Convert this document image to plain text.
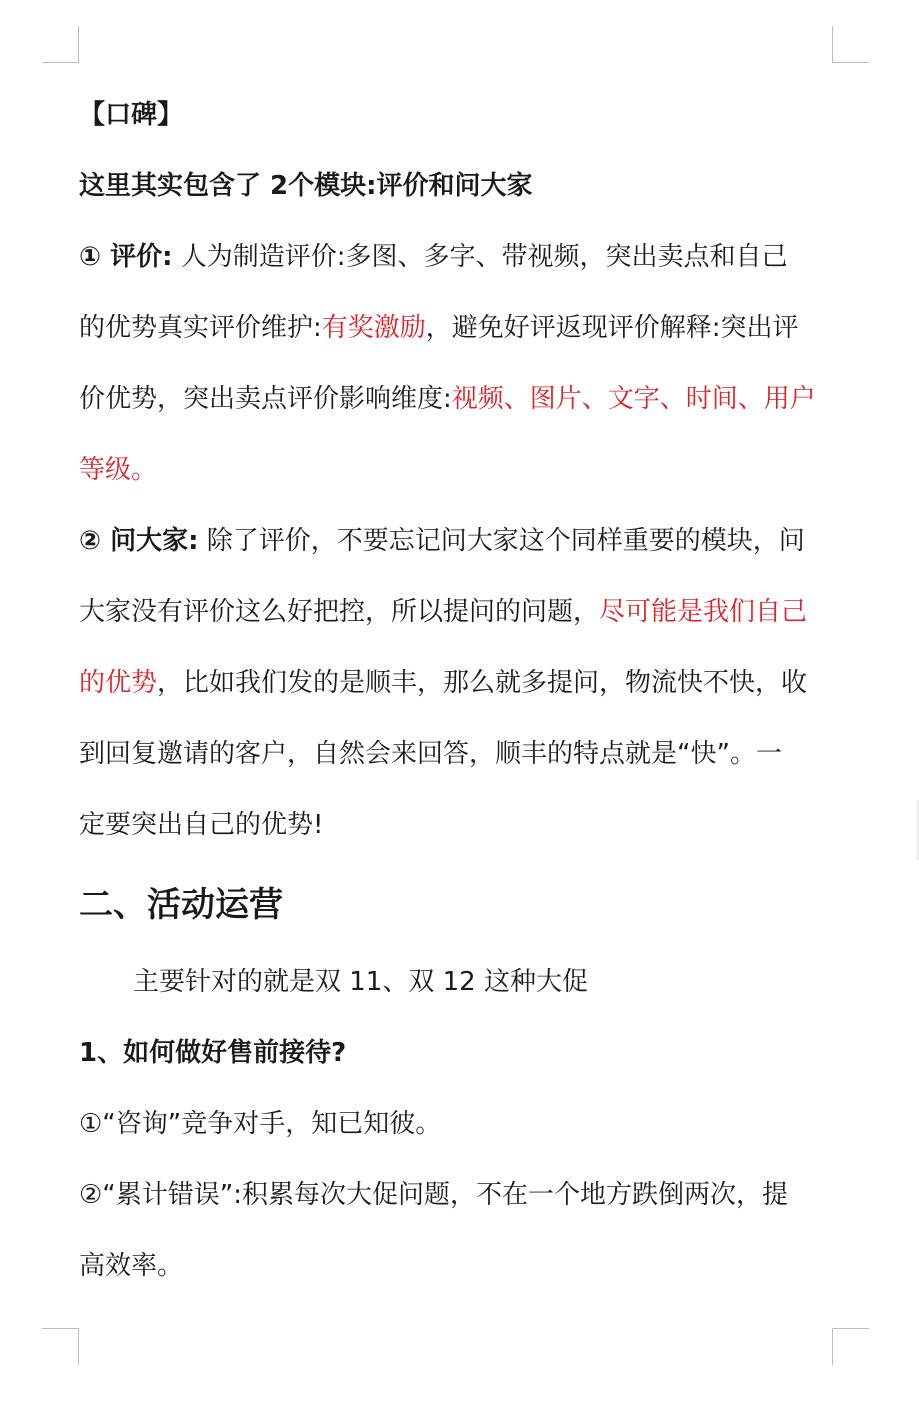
【口碑】
这里其实包含了 2个模块:评价和问大家
① 评价: 人为制造评价:多图、多字、带视频，突出卖点和自己
的优势真实评价维护:有奖激励，避免好评返现评价解释:突出评
价优势，突出卖点评价影响维度:视频、图片、文字、时间、用户
等级。
② 问大家: 除了评价，不要忘记问大家这个同样重要的模块，问
大家没有评价这么好把控，所以提问的问题，尽可能是我们自己
的优势，比如我们发的是顺丰，那么就多提问，物流快不快，收
到回复邀请的客户，自然会来回答，顺丰的特点就是“快”。一
定要突出自己的优势!
二、活动运营
主要针对的就是双 11、双 12 这种大促
1、如何做好售前接待?
①“咨询”竞争对手，知已知彼。
②“累计错误”:积累每次大促问题，不在一个地方跌倒两次，提
高效率。
